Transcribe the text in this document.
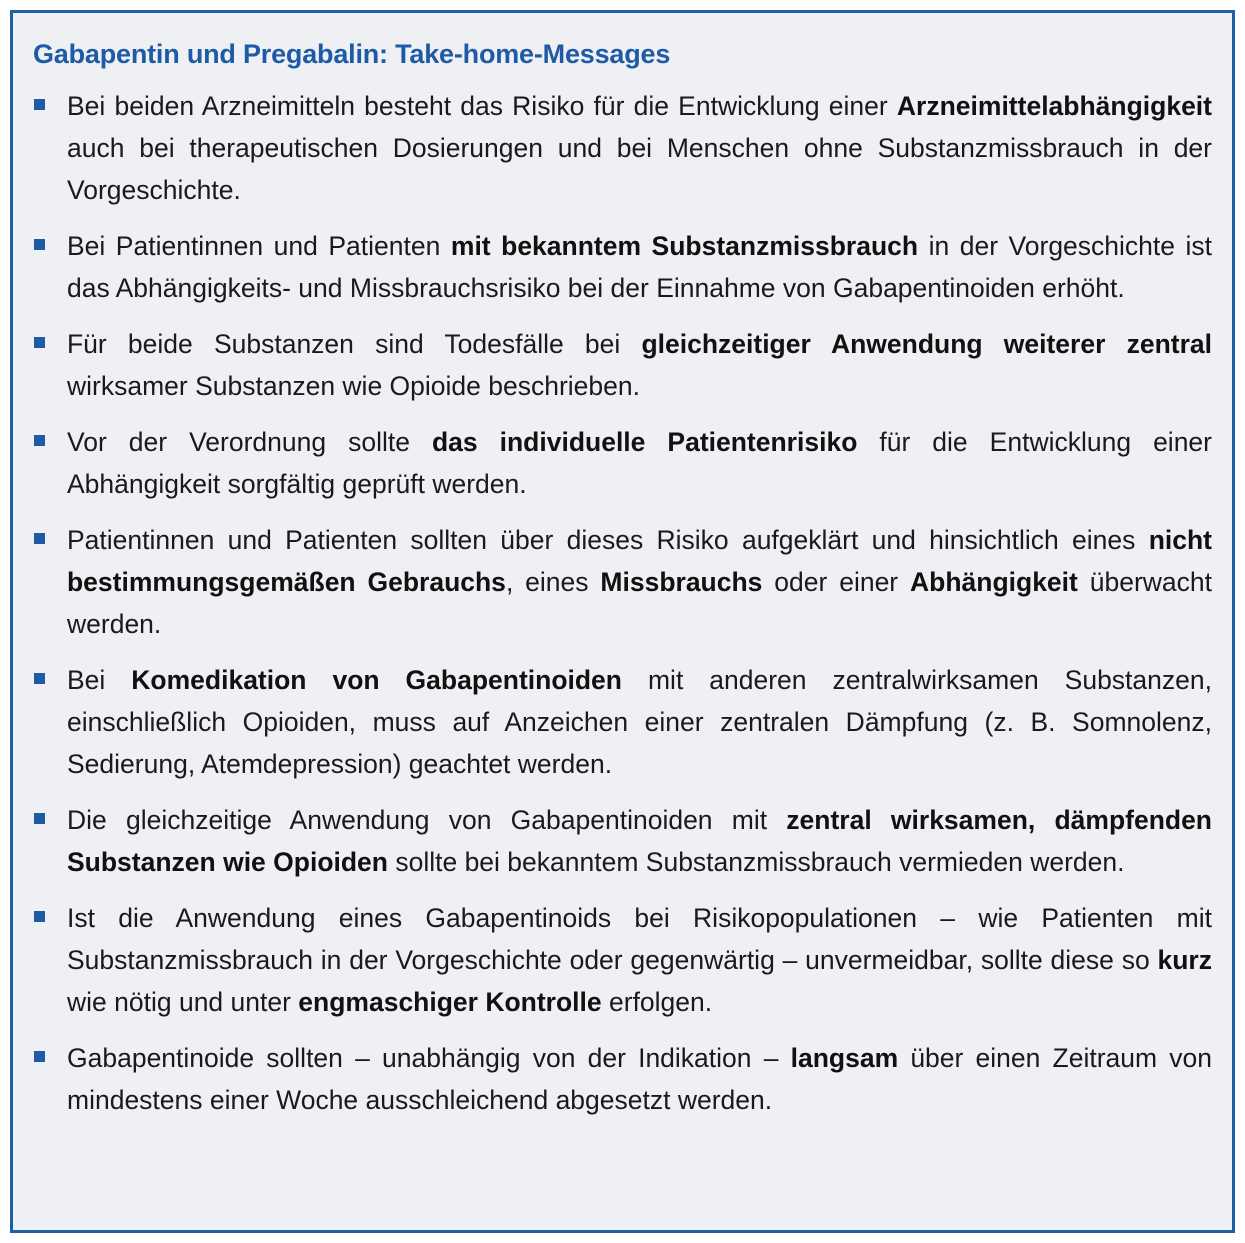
Gabapentin und Pregabalin: Take-home-Messages
Bei beiden Arzneimitteln besteht das Risiko für die Entwicklung einer Arzneimittelabhängigkeit auch bei therapeutischen Dosierungen und bei Menschen ohne Substanzmissbrauch in der Vorgeschichte.
Bei Patientinnen und Patienten mit bekanntem Substanzmissbrauch in der Vorgeschichte ist das Abhängigkeits- und Missbrauchsrisiko bei der Einnahme von Gabapentinoiden erhöht.
Für beide Substanzen sind Todesfälle bei gleichzeitiger Anwendung weiterer zentral wirksamer Substanzen wie Opioide beschrieben.
Vor der Verordnung sollte das individuelle Patientenrisiko für die Entwicklung einer Abhängigkeit sorgfältig geprüft werden.
Patientinnen und Patienten sollten über dieses Risiko aufgeklärt und hinsichtlich eines nicht bestimmungsgemäßen Gebrauchs, eines Missbrauchs oder einer Abhängigkeit überwacht werden.
Bei Komedikation von Gabapentinoiden mit anderen zentralwirksamen Substanzen, einschließlich Opioiden, muss auf Anzeichen einer zentralen Dämpfung (z. B. Somnolenz, Sedierung, Atemdepression) geachtet werden.
Die gleichzeitige Anwendung von Gabapentinoiden mit zentral wirksamen, dämpfenden Substanzen wie Opioiden sollte bei bekanntem Substanzmissbrauch vermieden werden.
Ist die Anwendung eines Gabapentinoids bei Risikopopulationen – wie Patienten mit Substanzmissbrauch in der Vorgeschichte oder gegenwärtig – unvermeidbar, sollte diese so kurz wie nötig und unter engmaschiger Kontrolle erfolgen.
Gabapentinoide sollten – unabhängig von der Indikation – langsam über einen Zeitraum von mindestens einer Woche ausschleichend abgesetzt werden.
